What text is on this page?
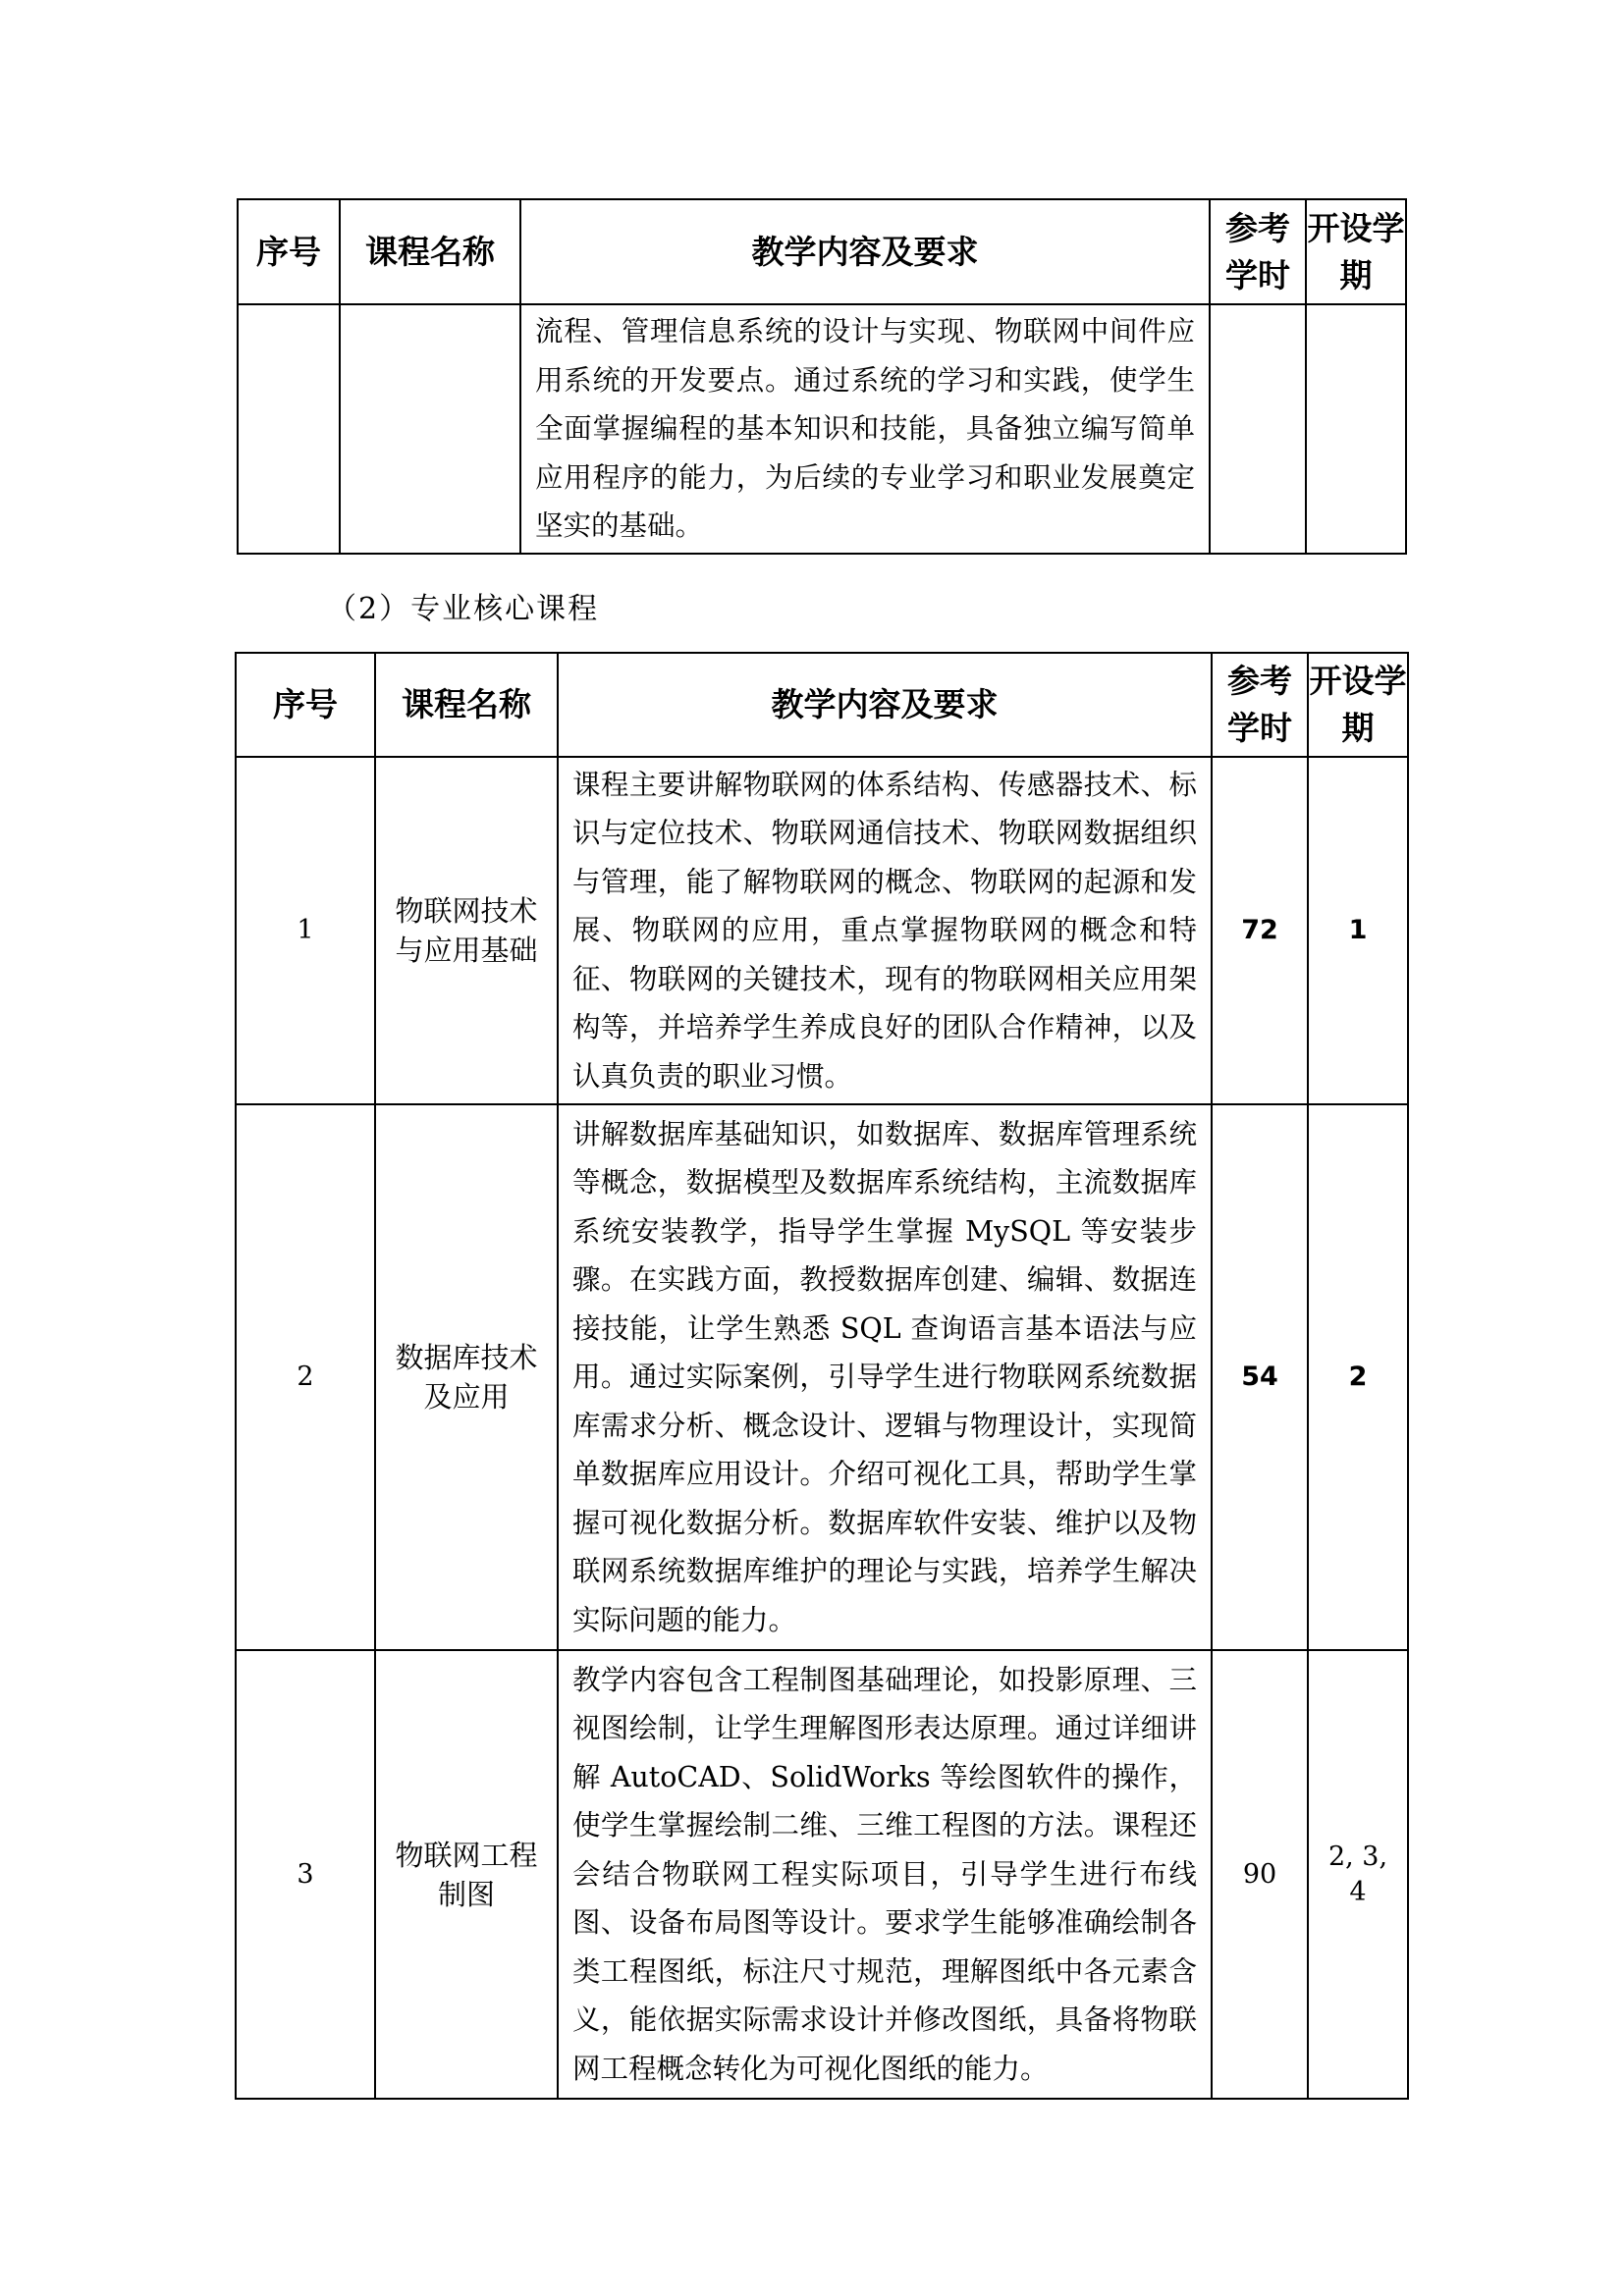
序号	课程名称	教学内容及要求	参考学时	开设学期
		流程、管理信息系统的设计与实现、物联网中间件应用系统的开发要点。通过系统的学习和实践，使学生全面掌握编程的基本知识和技能，具备独立编写简单应用程序的能力，为后续的专业学习和职业发展奠定坚实的基础。		
（2）专业核心课程
序号	课程名称	教学内容及要求	参考学时	开设学期
1	物联网技术与应用基础	课程主要讲解物联网的体系结构、传感器技术、标识与定位技术、物联网通信技术、物联网数据组织与管理，能了解物联网的概念、物联网的起源和发展、物联网的应用，重点掌握物联网的概念和特征、物联网的关键技术，现有的物联网相关应用架构等，并培养学生养成良好的团队合作精神，以及认真负责的职业习惯。	72	1
2	数据库技术及应用	讲解数据库基础知识，如数据库、数据库管理系统等概念，数据模型及数据库系统结构，主流数据库系统安装教学，指导学生掌握 MySQL 等安装步骤。在实践方面，教授数据库创建、编辑、数据连接技能，让学生熟悉 SQL 查询语言基本语法与应用。通过实际案例，引导学生进行物联网系统数据库需求分析、概念设计、逻辑与物理设计，实现简单数据库应用设计。介绍可视化工具，帮助学生掌握可视化数据分析。数据库软件安装、维护以及物联网系统数据库维护的理论与实践，培养学生解决实际问题的能力。	54	2
3	物联网工程制图	教学内容包含工程制图基础理论，如投影原理、三视图绘制，让学生理解图形表达原理。通过详细讲解 AutoCAD、SolidWorks 等绘图软件的操作，使学生掌握绘制二维、三维工程图的方法。课程还会结合物联网工程实际项目，引导学生进行布线图、设备布局图等设计。要求学生能够准确绘制各类工程图纸，标注尺寸规范，理解图纸中各元素含义，能依据实际需求设计并修改图纸，具备将物联网工程概念转化为可视化图纸的能力。	90	2, 3, 4
